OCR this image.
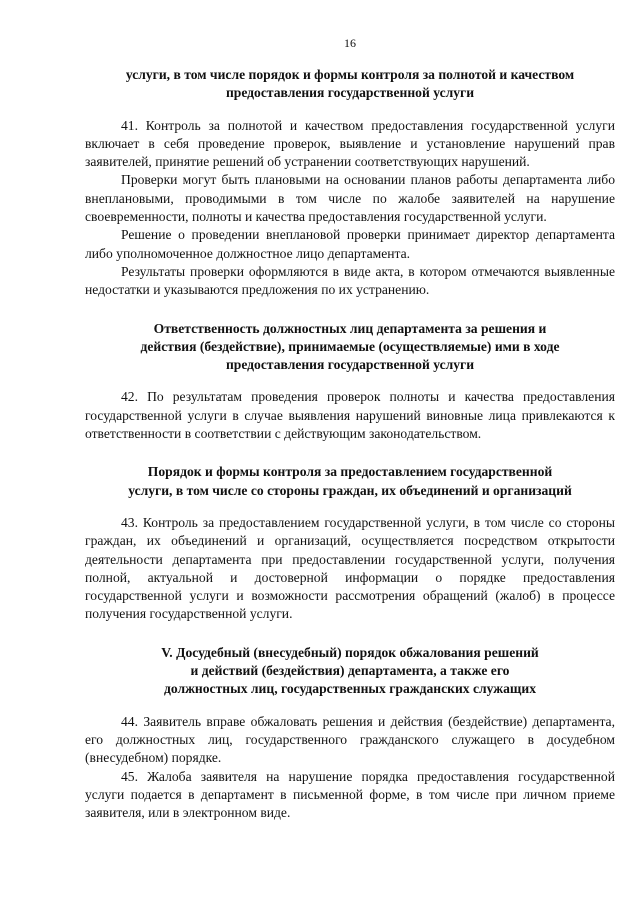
16
услуги, в том числе порядок и формы контроля за полнотой и качеством
предоставления государственной услуги

41. Контроль за полнотой и качеством предоставления государственной услуги включает в себя проведение проверок, выявление и установление нарушений прав заявителей, принятие решений об устранении соответствующих нарушений.

Проверки могут быть плановыми на основании планов работы департамента либо внеплановыми, проводимыми в том числе по жалобе заявителей на нарушение своевременности, полноты и качества предоставления государственной услуги.

Решение о проведении внеплановой проверки принимает директор департамента либо уполномоченное должностное лицо департамента.

Результаты проверки оформляются в виде акта, в котором отмечаются выявленные недостатки и указываются предложения по их устранению.

Ответственность должностных лиц департамента за решения и
действия (бездействие), принимаемые (осуществляемые) ими в ходе
предоставления государственной услуги

42. По результатам проведения проверок полноты и качества предоставления государственной услуги в случае выявления нарушений виновные лица привлекаются к ответственности в соответствии с действующим законодательством.

Порядок и формы контроля за предоставлением государственной
услуги, в том числе со стороны граждан, их объединений и организаций

43. Контроль за предоставлением государственной услуги, в том числе со стороны граждан, их объединений и организаций, осуществляется посредством открытости деятельности департамента при предоставлении государственной услуги, получения полной, актуальной и достоверной информации о порядке предоставления государственной услуги и возможности рассмотрения обращений (жалоб) в процессе получения государственной услуги.

V. Досудебный (внесудебный) порядок обжалования решений
и действий (бездействия) департамента, а также его
должностных лиц, государственных гражданских служащих

44. Заявитель вправе обжаловать решения и действия (бездействие) департамента, его должностных лиц, государственного гражданского служащего в досудебном (внесудебном) порядке.

45. Жалоба заявителя на нарушение порядка предоставления государственной услуги подается в департамент в письменной форме, в том числе при личном приеме заявителя, или в электронном виде.
